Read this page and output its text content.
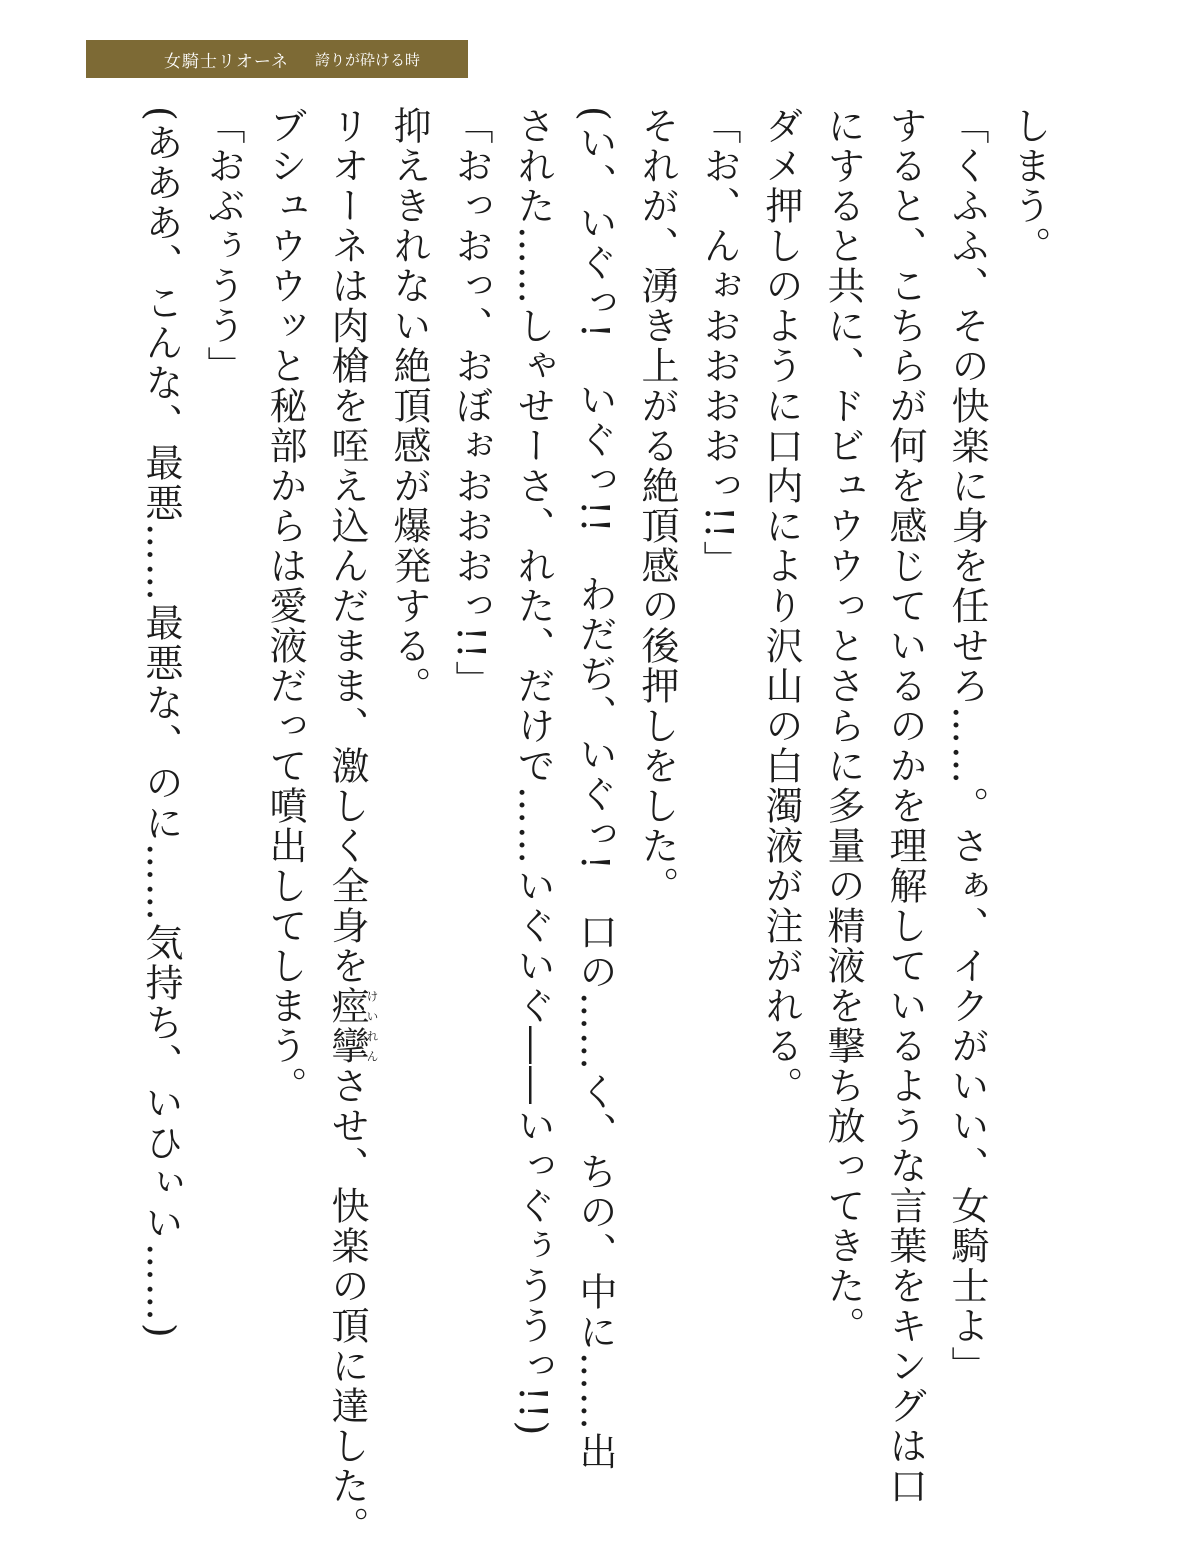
女騎士リオーネ 誇りが砕ける時
しまう。
「くふふ、その快楽に身を任せろ……。さぁ、イクがいい、女騎士よ」
すると、こちらが何を感じているのかを理解しているような言葉をキングは口
にすると共に、ドビュウウっとさらに多量の精液を撃ち放ってきた。
ダメ押しのように口内により沢山の白濁液が注がれる。
「お、んぉおおおおっ!!」
それが、湧き上がる絶頂感の後押しをした。
(い、いぐっ!　いぐっ!!　わだぢ、いぐっ!　口の……く、ちの、中に……出
された……しゃせーさ、れた、だけで……いぐいぐ――いっぐぅううっ!!)
「おっおっ、おぼぉおおおっ!!」
抑えきれない絶頂感が爆発する。
リオーネは肉槍を咥え込んだまま、激しく全身を痙攣けいれんさせ、快楽の頂に達した。
ブシュウウッと秘部からは愛液だって噴出してしまう。
「おぶぅうう」
(あああ、こんな、最悪……最悪な、のに……気持ち、いひぃい……)
